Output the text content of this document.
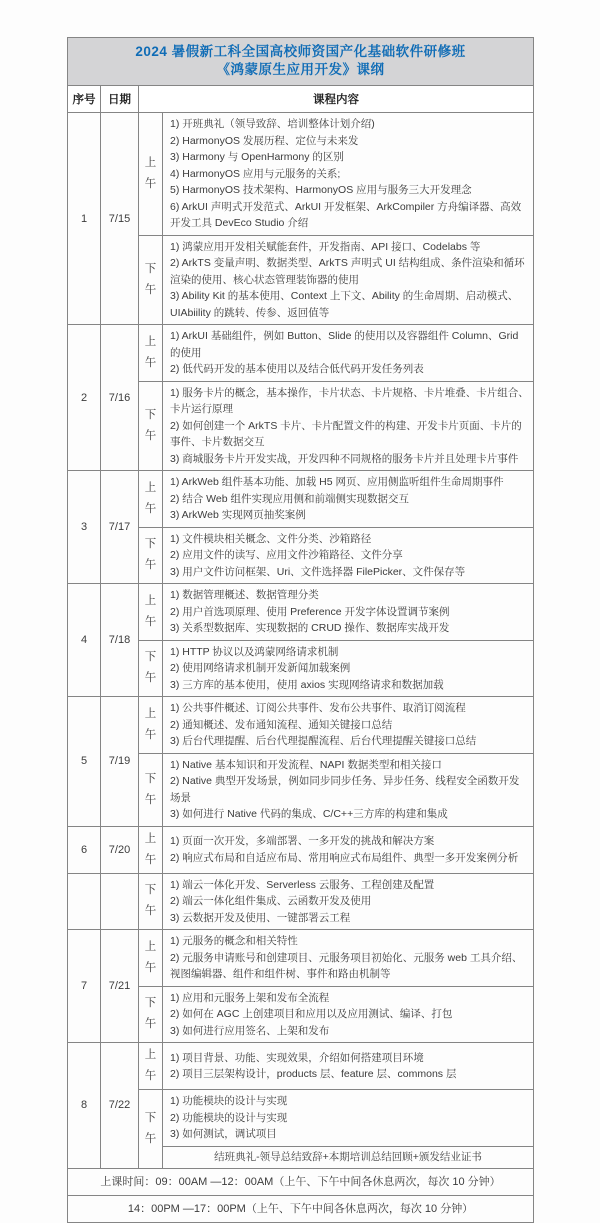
2024 暑假新工科全国高校师资国产化基础软件研修班
《鸿蒙原生应用开发》课纲			

序号	日期	课程内容	
1	7/15	上午	
1) 开班典礼（领导致辞、培训整体计划介绍)
2) HarmonyOS 发展历程、定位与未来发
3) Harmony 与 OpenHarmony 的区别
4) HarmonyOS 应用与元服务的关系;
5) HarmonyOS 技术架构、HarmonyOS 应用与服务三大开发理念
6) ArkUI 声明式开发范式、ArkUI 开发框架、ArkCompiler 方舟编译器、高效开发工具 DevEco Studio 介绍

		下午	1) 鸿蒙应用开发相关赋能套件，开发指南、API 接口、Codelabs 等
2) ArkTS 变量声明、数据类型、ArkTS 声明式 UI 结构组成、条件渲染和循环渲染的使用、核心状态管理装饰器的使用
3) Ability Kit 的基本使用、Context 上下文、Ability 的生命周期、启动模式、UIAbiility 的跳转、传参、返回值等

2	7/16	上午	1) ArkUI 基础组件，例如 Button、Slide 的使用以及容器组件 Column、Grid 的使用
2) 低代码开发的基本使用以及结合低代码开发任务列表

		下午	1) 服务卡片的概念，基本操作，卡片状态、卡片规格、卡片堆叠、卡片组合、卡片运行原理
2) 如何创建一个 ArkTS 卡片、卡片配置文件的构建、开发卡片页面、卡片的事件、卡片数据交互
3) 商城服务卡片开发实战，开发四种不同规格的服务卡片并且处理卡片事件

3	7/17	上午	1) ArkWeb 组件基本功能、加载 H5 网页、应用侧监听组件生命周期事件
2) 结合 Web 组件实现应用侧和前端侧实现数据交互
3) ArkWeb 实现网页抽奖案例

		下午	1) 文件模块相关概念、文件分类、沙箱路径
2) 应用文件的读写、应用文件沙箱路径、文件分享
3) 用户文件访问框架、Uri、文件选择器 FilePicker、文件保存等

4	7/18	上午	1) 数据管理概述、数据管理分类
2) 用户首选项原理、使用 Preference 开发字体设置调节案例
3) 关系型数据库、实现数据的 CRUD 操作、数据库实战开发

		下午	1) HTTP 协议以及鸿蒙网络请求机制
2) 使用网络请求机制开发新闻加载案例
3) 三方库的基本使用，使用 axios 实现网络请求和数据加载

5	7/19	上午	1) 公共事件概述、订阅公共事件、发布公共事件、取消订阅流程
2) 通知概述、发布通知流程、通知关键接口总结
3) 后台代理提醒、后台代理提醒流程、后台代理提醒关键接口总结

		下午	1) Native 基本知识和开发流程、NAPI 数据类型和相关接口
2) Native 典型开发场景，例如同步同步任务、异步任务、线程安全函数开发场景
3) 如何进行 Native 代码的集成、C/C++三方库的构建和集成

6	7/20	上午	1) 页面一次开发，多端部署、一多开发的挑战和解决方案
2) 响应式布局和自适应布局、常用响应式布局组件、典型一多开发案例分析

		下午	1) 端云一体化开发、Serverless 云服务、工程创建及配置
2) 端云一体化组件集成、云函数开发及使用
3) 云数据开发及使用、一键部署云工程

7	7/21	上午	1) 元服务的概念和相关特性
2) 元服务申请账号和创建项目、元服务项目初始化、元服务 web 工具介绍、视图编辑器、组件和组件树、事件和路由机制等

		下午	1) 应用和元服务上架和发布全流程
2) 如何在 AGC 上创建项目和应用以及应用测试、编译、打包
3) 如何进行应用签名、上架和发布

8	7/22	上午	1) 项目背景、功能、实现效果，介绍如何搭建项目环境
2) 项目三层架构设计，products 层、feature 层、commons 层

		下午	1) 功能模块的设计与实现
2) 功能模块的设计与实现
3) 如何测试，调试项目

			结班典礼-领导总结致辞+本期培训总结回顾+颁发结业证书
上课时间：09：00AM —12：00AM（上午、下午中间各休息两次，每次 10 分钟）			
14：00PM —17：00PM（上午、下午中间各休息两次，每次 10 分钟）			
